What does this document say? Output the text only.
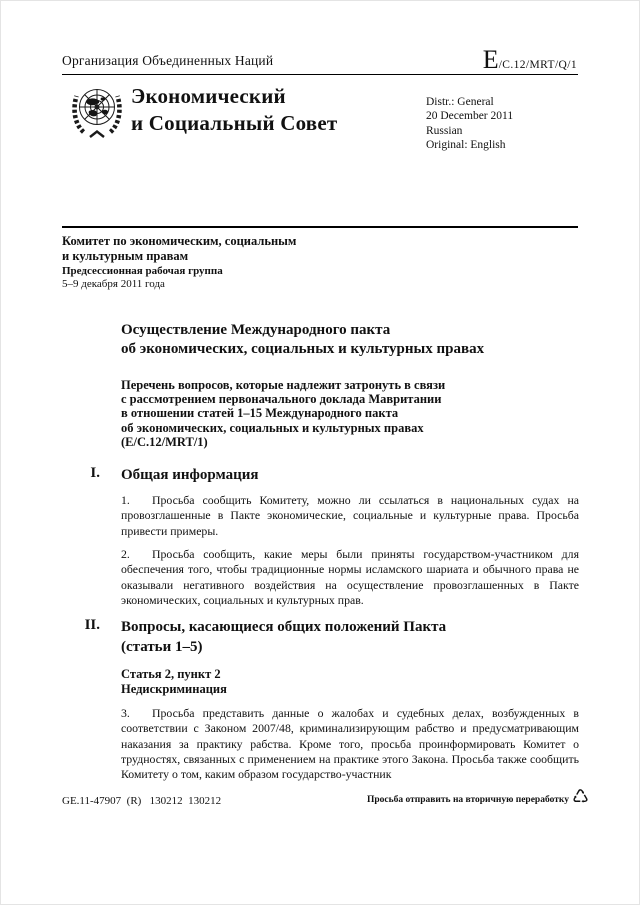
Организация Объединенных Наций	E/C.12/MRT/Q/1
Экономический
и Социальный Совет
Distr.: General
20 December 2011
Russian
Original: English
Комитет по экономическим, социальным
и культурным правам
Предсессионная рабочая группа
5–9 декабря 2011 года
Осуществление Международного пакта
об экономических, социальных и культурных правах
Перечень вопросов, которые надлежит затронуть в связи
с рассмотрением первоначального доклада Мавритании
в отношении статей 1–15 Международного пакта
об экономических, социальных и культурных правах
(E/C.12/MRT/1)
I. Общая информация

1. Просьба сообщить Комитету, можно ли ссылаться в национальных судах на провозглашенные в Пакте экономические, социальные и культурные права. Просьба привести примеры.

2. Просьба сообщить, какие меры были приняты государством-участником для обеспечения того, чтобы традиционные нормы исламского шариата и обычного права не оказывали негативного воздействия на осуществление провозглашенных в Пакте экономических, социальных и культурных прав.

II. Вопросы, касающиеся общих положений Пакта
(статьи 1–5)
Статья 2, пункт 2
Недискриминация

3. Просьба представить данные о жалобах и судебных делах, возбужденных в соответствии с Законом 2007/48, криминализирующим рабство и предусматривающим наказания за практику рабства. Кроме того, просьба проинформировать Комитет о трудностях, связанных с применением на практике этого Закона. Просьба также сообщить Комитету о том, каким образом государство-участник

GE.11-47907  (R)   130212  130212	Просьба отправить на вторичную переработку ♺
